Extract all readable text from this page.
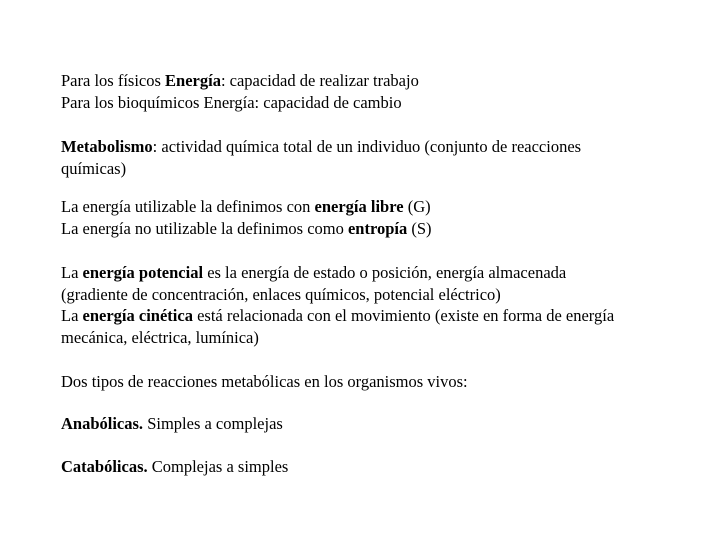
Para los físicos Energía: capacidad de realizar trabajo
Para los bioquímicos Energía: capacidad de cambio
Metabolismo: actividad química total de un individuo (conjunto de reacciones
químicas)
La energía utilizable la definimos con energía libre (G)
La energía no utilizable la definimos como entropía (S)
La energía potencial es la energía de estado o posición, energía almacenada
(gradiente de concentración, enlaces químicos, potencial eléctrico)
La energía cinética está relacionada con el movimiento (existe en forma de energía
mecánica, eléctrica, lumínica)
Dos tipos de reacciones metabólicas en los organismos vivos:
Anabólicas. Simples a complejas
Catabólicas. Complejas a simples
